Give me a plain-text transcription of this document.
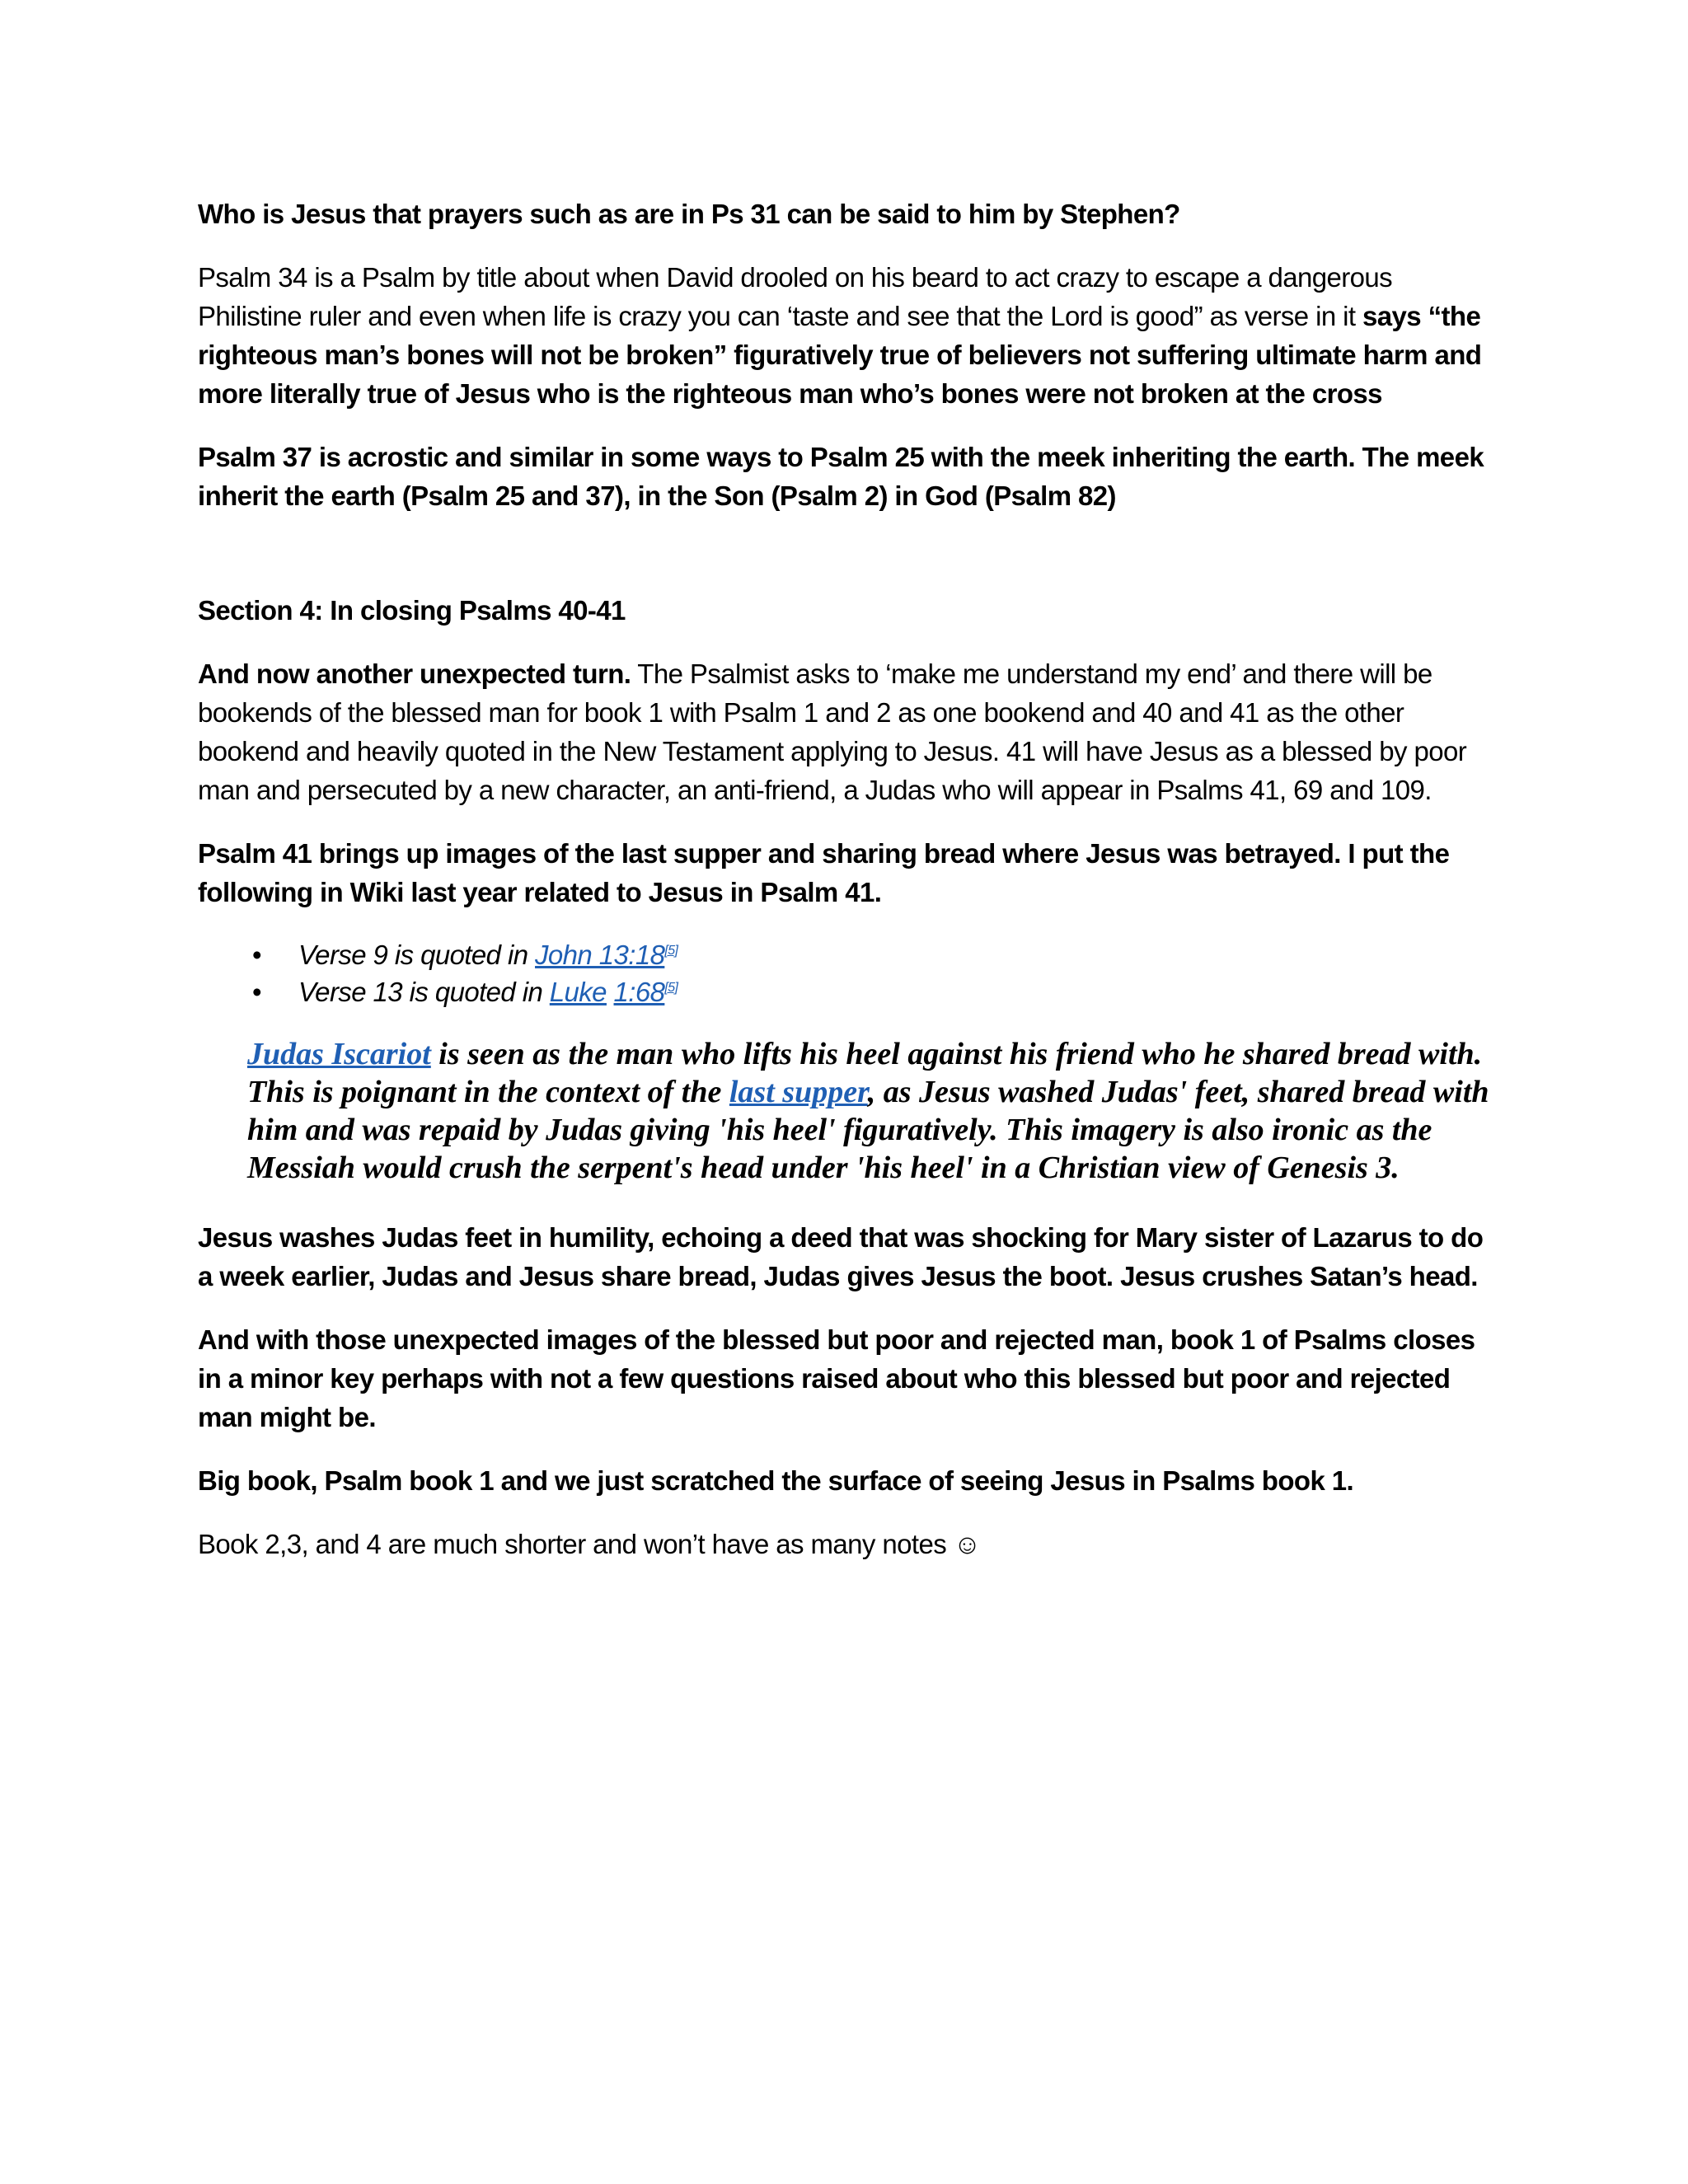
Who is Jesus that prayers such as are in Ps 31 can be said to him by Stephen?

Psalm 34 is a Psalm by title about when David drooled on his beard to act crazy to escape a dangerous Philistine ruler and even when life is crazy you can ‘taste and see that the Lord is good” as verse in it says “the righteous man’s bones will not be broken” figuratively true of believers not suffering ultimate harm and more literally true of Jesus who is the righteous man who’s bones were not broken at the cross

Psalm 37 is acrostic and similar in some ways to Psalm 25 with the meek inheriting the earth. The meek inherit the earth (Psalm 25 and 37), in the Son (Psalm 2) in God (Psalm 82)

Section 4: In closing Psalms 40-41

And now another unexpected turn. The Psalmist asks to ‘make me understand my end’ and there will be bookends of the blessed man for book 1 with Psalm 1 and 2 as one bookend and 40 and 41 as the other bookend and heavily quoted in the New Testament applying to Jesus. 41 will have Jesus as a blessed by poor man and persecuted by a new character, an anti-friend, a Judas who will appear in Psalms 41, 69 and 109.

Psalm 41 brings up images of the last supper and sharing bread where Jesus was betrayed. I put the following in Wiki last year related to Jesus in Psalm 41.

• Verse 9 is quoted in John 13:18[5]
• Verse 13 is quoted in Luke 1:68[5]

Judas Iscariot is seen as the man who lifts his heel against his friend who he shared bread with. This is poignant in the context of the last supper, as Jesus washed Judas' feet, shared bread with him and was repaid by Judas giving 'his heel' figuratively. This imagery is also ironic as the Messiah would crush the serpent's head under 'his heel' in a Christian view of Genesis 3.

Jesus washes Judas feet in humility, echoing a deed that was shocking for Mary sister of Lazarus to do a week earlier, Judas and Jesus share bread, Judas gives Jesus the boot. Jesus crushes Satan’s head.

And with those unexpected images of the blessed but poor and rejected man, book 1 of Psalms closes in a minor key perhaps with not a few questions raised about who this blessed but poor and rejected man might be.

Big book, Psalm book 1 and we just scratched the surface of seeing Jesus in Psalms book 1.

Book 2,3, and 4 are much shorter and won’t have as many notes ☺
